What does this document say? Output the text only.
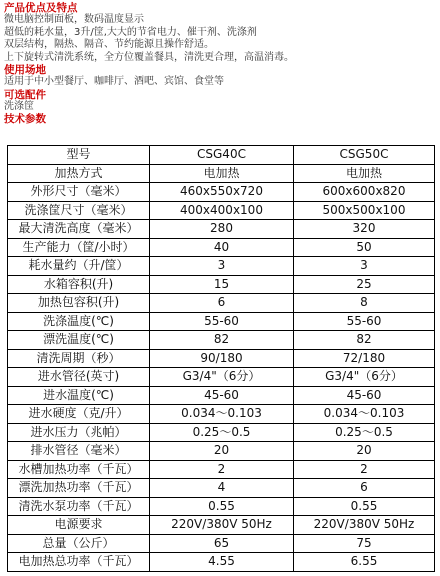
产品优点及特点
微电脑控制面板，数码温度显示
超低的耗水量，3升/筐,大大的节省电力、催干剂、洗涤剂
双层结构，隔热、隔音、节约能源且操作舒适。
上下旋转式清洗系统，全方位覆盖餐具，清洗更合理，高温消毒。
使用场地
适用于中小型餐厅、咖啡厅、酒吧、宾馆、食堂等
可选配件
洗涤筐
技术参数
型号	CSG40C	CSG50C
加热方式	电加热	电加热
外形尺寸（毫米）	460x550x720	600x600x820
洗涤筐尺寸（毫米）	400x400x100	500x500x100
最大清洗高度（毫米）	280	320
生产能力（筐/小时）	40	50
耗水量约（升/筐）	3	3
水箱容积(升)	15	25
加热包容积(升)	6	8
洗涤温度(℃)	55-60	55-60
漂洗温度(℃)	82	82
清洗周期（秒）	90/180	72/180
进水管径(英寸)	G3/4"（6分）	G3/4"（6分）
进水温度(℃)	45-60	45-60
进水硬度（克/升）	0.034～0.103	0.034～0.103
进水压力（兆帕）	0.25～0.5	0.25～0.5
排水管径（毫米）	20	20
水槽加热功率（千瓦）	2	2
漂洗加热功率（千瓦）	4	6
清洗水泵功率（千瓦）	0.55	0.55
电源要求	220V/380V 50Hz	220V/380V 50Hz
总量（公斤）	65	75
电加热总功率（千瓦）	4.55	6.55
